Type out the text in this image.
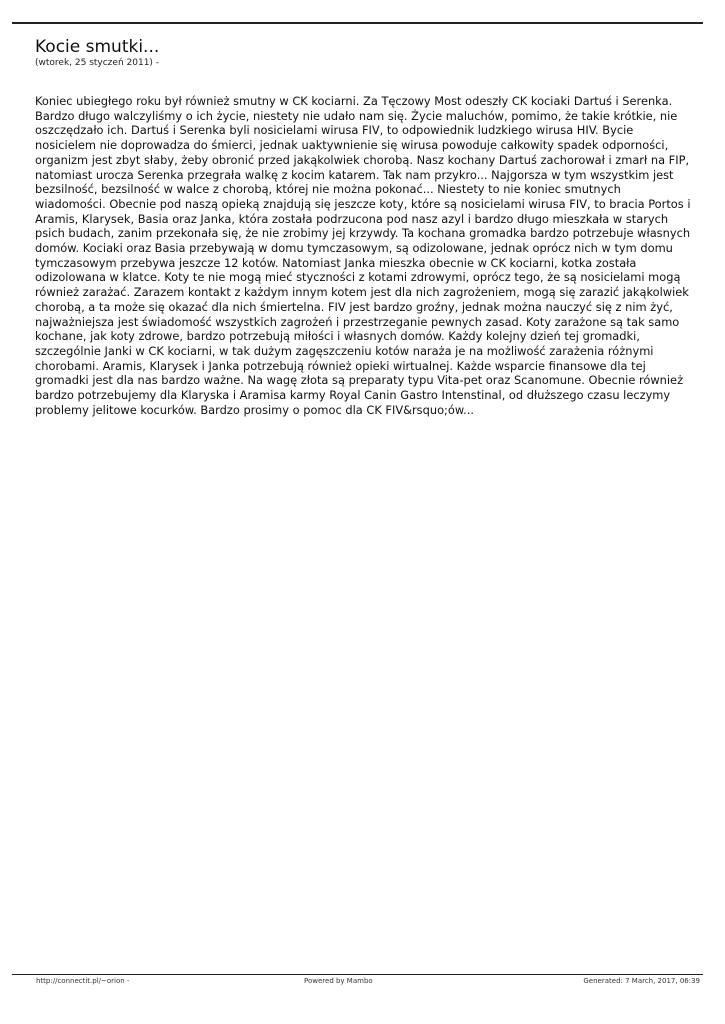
Kocie smutki...

(wtorek, 25 styczeń 2011) -

Koniec ubiegłego roku był również smutny w CK kociarni. Za Tęczowy Most odeszły CK kociaki Dartuś i Serenka. Bardzo długo walczyliśmy o ich życie, niestety nie udało nam się. Życie maluchów, pomimo, że takie krótkie, nie oszczędzało ich. Dartuś i Serenka byli nosicielami wirusa FIV, to odpowiednik ludzkiego wirusa HIV. Bycie nosicielem nie doprowadza do śmierci, jednak uaktywnienie się wirusa powoduje całkowity spadek odporności, organizm jest zbyt słaby, żeby obronić przed jakąkolwiek chorobą. Nasz kochany Dartuś zachorował i zmarł na FIP, natomiast urocza Serenka przegrała walkę z kocim katarem. Tak nam przykro... Najgorsza w tym wszystkim jest bezsilność, bezsilność w walce z chorobą, której nie można pokonać... Niestety to nie koniec smutnych wiadomości. Obecnie pod naszą opieką znajdują się jeszcze koty, które są nosicielami wirusa FIV, to bracia Portos i Aramis, Klarysek, Basia oraz Janka, która została podrzucona pod nasz azyl i bardzo długo mieszkała w starych psich budach, zanim przekonała się, że nie zrobimy jej krzywdy. Ta kochana gromadka bardzo potrzebuje własnych domów. Kociaki oraz Basia przebywają w domu tymczasowym, są odizolowane, jednak oprócz nich w tym domu tymczasowym przebywa jeszcze 12 kotów. Natomiast Janka mieszka obecnie w CK kociarni, kotka została odizolowana w klatce. Koty te nie mogą mieć styczności z kotami zdrowymi, oprócz tego, że są nosicielami mogą również zarażać. Zarazem kontakt z każdym innym kotem jest dla nich zagrożeniem, mogą się zarazić jakąkolwiek chorobą, a ta może się okazać dla nich śmiertelna. FIV jest bardzo groźny, jednak można nauczyć się z nim żyć, najważniejsza jest świadomość wszystkich zagrożeń i przestrzeganie pewnych zasad. Koty zarażone są tak samo kochane, jak koty zdrowe, bardzo potrzebują miłości i własnych domów. Każdy kolejny dzień tej gromadki, szczególnie Janki w CK kociarni, w tak dużym zagęszczeniu kotów naraża je na możliwość zarażenia różnymi chorobami. Aramis, Klarysek i Janka potrzebują również opieki wirtualnej. Każde wsparcie finansowe dla tej gromadki jest dla nas bardzo ważne. Na wagę złota są preparaty typu Vita-pet oraz Scanomune. Obecnie również bardzo potrzebujemy dla Klaryska i Aramisa karmy Royal Canin Gastro Intenstinal, od dłuższego czasu leczymy problemy jelitowe kocurków. Bardzo prosimy o pomoc dla CK FIV&rsquo;ów...
http://connectit.pl/~orion -	Powered by Mambo	Generated: 7 March, 2017, 06:39
